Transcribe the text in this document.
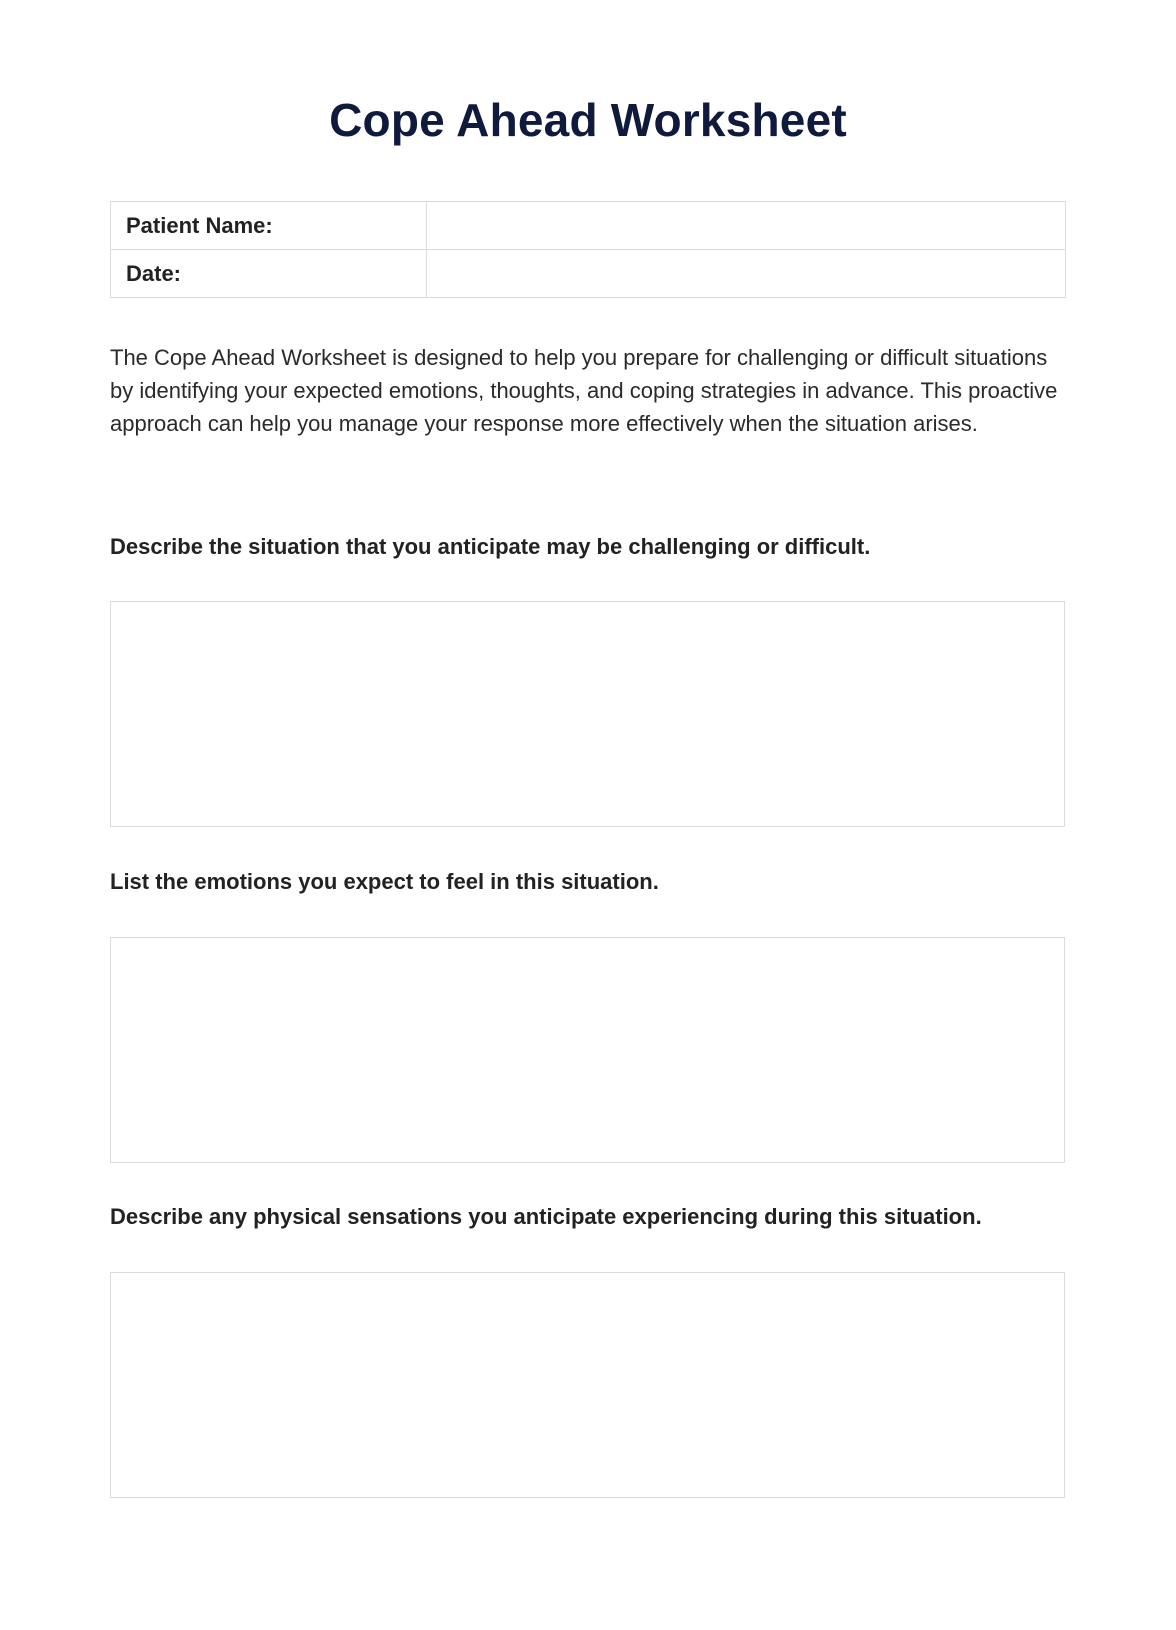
Cope Ahead Worksheet
Patient Name:	
Date:	

The Cope Ahead Worksheet is designed to help you prepare for challenging or difficult situations by identifying your expected emotions, thoughts, and coping strategies in advance. This proactive approach can help you manage your response more effectively when the situation arises.

Describe the situation that you anticipate may be challenging or difficult.

List the emotions you expect to feel in this situation.

Describe any physical sensations you anticipate experiencing during this situation.
